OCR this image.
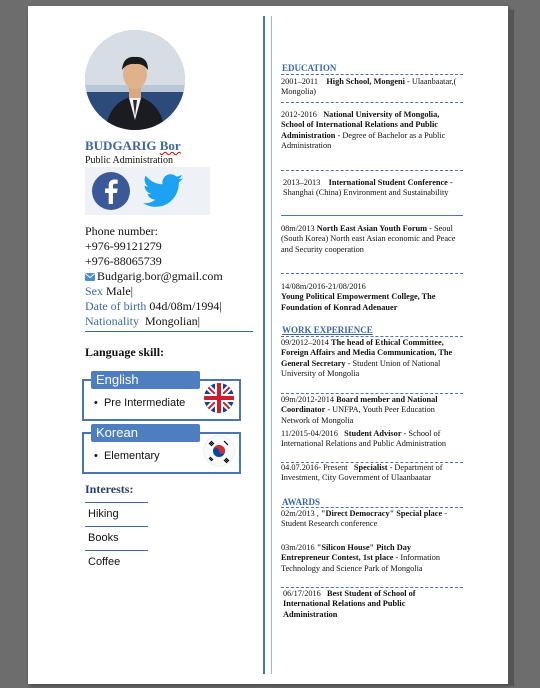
BUDGARIG Bor
Public Administration
Phone number:
+976-99121279
+976-88065739
Budgarig.bor@gmail.com
Sex Male|
Date of birth 04d/08m/1994|
Nationality Mongolian|
Language skill:
English
•  Pre Intermediate
Korean
•  Elementary
Interests:
Hiking
Books
Coffee
EDUCATION
2001–2011 High School, Mongeni - Ulaanbaatar,( Mongolia)
2012-2016 National University of Mongolia, School of International Relations and Public Administration - Degree of Bachelor as a Public Administration
2013–2013 International Student Conference - Shanghai (China) Environment and Sustainability
08m/2013 North East Asian Youth Forum - Seoul (South Korea) North east Asian economic and Peace and Security cooperation
14/08m/2016-21/08/2016
Young Political Empowerment College, The Foundation of Konrad Adenauer
WORK EXPERIENCE
09/2012–2014 The head of Ethical Committee, Foreign Affairs and Media Communication, The General Secretary - Student Union of National University of Mongolia
09m/2012-2014 Board member and National Coordinator - UNFPA, Youth Peer Education Network of Mongolia
11/2015-04/2016 Student Advisor - School of International Relations and Public Administration
04.07.2016- Present Specialist - Department of Investment, City Government of Ulaanbaatar
AWARDS
02m/2013 , "Direct Democracy" Special place - Student Research conference
03m/2016 "Silicon House" Pitch Day Entrepreneur Contest, 1st place - Information Technology and Science Park of Mongolia
06/17/2016 Best Student of School of International Relations and Public Administration
